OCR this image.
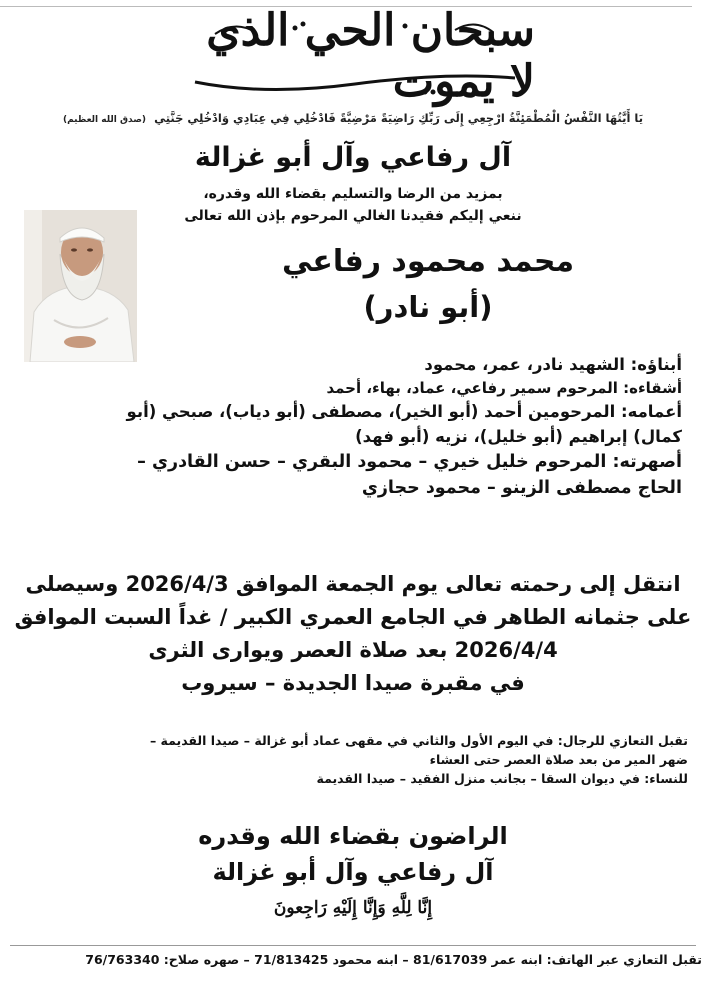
سبحان الحي الذي لا يموت
يَا أَيَّتُهَا النَّفْسُ الْمُطْمَئِنَّةُ ارْجِعِي إِلَى رَبِّكِ رَاضِيَةً مَرْضِيَّةً فَادْخُلِي فِي عِبَادِي وَادْخُلِي جَنَّتِي (صدق الله العظيم)
آل رفاعي وآل أبو غزالة
بمزيد من الرضا والتسليم بقضاء الله وقدره،
ننعي إليكم فقيدنا الغالي المرحوم بإذن الله تعالى
محمد محمود رفاعي
(أبو نادر)
أبناؤه: الشهيد نادر، عمر، محمود
أشقاءه: المرحوم سمير رفاعي، عماد، بهاء، أحمد
أعمامه: المرحومين أحمد (أبو الخير)، مصطفى (أبو دياب)، صبحي (أبو
كمال) إبراهيم (أبو خليل)، نزيه (أبو فهد)
أصهرته: المرحوم خليل خيري – محمود البقري – حسن القادري –
الحاج مصطفى الزينو – محمود حجازي
انتقل إلى رحمته تعالى يوم الجمعة الموافق 2026/4/3 وسيصلى
على جثمانه الطاهر في الجامع العمري الكبير / غداً السبت الموافق
2026/4/4 بعد صلاة العصر ويوارى الثرى
في مقبرة صيدا الجديدة – سيروب
تقبل التعازي للرجال: في اليوم الأول والثاني في مقهى عماد أبو غزالة – صيدا القديمة –
ضهر المير من بعد صلاة العصر حتى العشاء
للنساء: في ديوان السقا – بجانب منزل الفقيد – صيدا القديمة
الراضون بقضاء الله وقدره
آل رفاعي وآل أبو غزالة
إِنَّا لِلَّهِ وَإِنَّا إِلَيْهِ رَاجِعونَ
تقبل التعازي عبر الهاتف: ابنه عمر 81/617039 – ابنه محمود 71/813425 – صهره صلاح: 76/763340
